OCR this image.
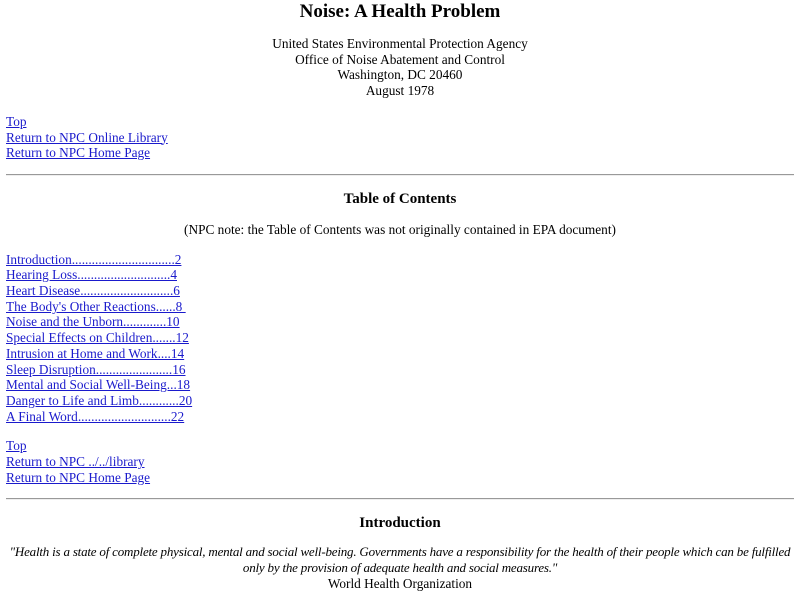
Noise: A Health Problem
United States Environmental Protection Agency
Office of Noise Abatement and Control
Washington, DC 20460
August 1978
Top
Return to NPC Online Library
Return to NPC Home Page
Table of Contents
(NPC note: the Table of Contents was not originally contained in EPA document)
Introduction...............................2
Hearing Loss............................4
Heart Disease............................6
The Body's Other Reactions......8
Noise and the Unborn.............10
Special Effects on Children.......12
Intrusion at Home and Work....14
Sleep Disruption.......................16
Mental and Social Well-Being...18
Danger to Life and Limb............20
A Final Word............................22
Top
Return to NPC ../../library
Return to NPC Home Page
Introduction
"Health is a state of complete physical, mental and social well-being. Governments have a responsibility for the health of their people which can be fulfilled only by the provision of adequate health and social measures."
World Health Organization
